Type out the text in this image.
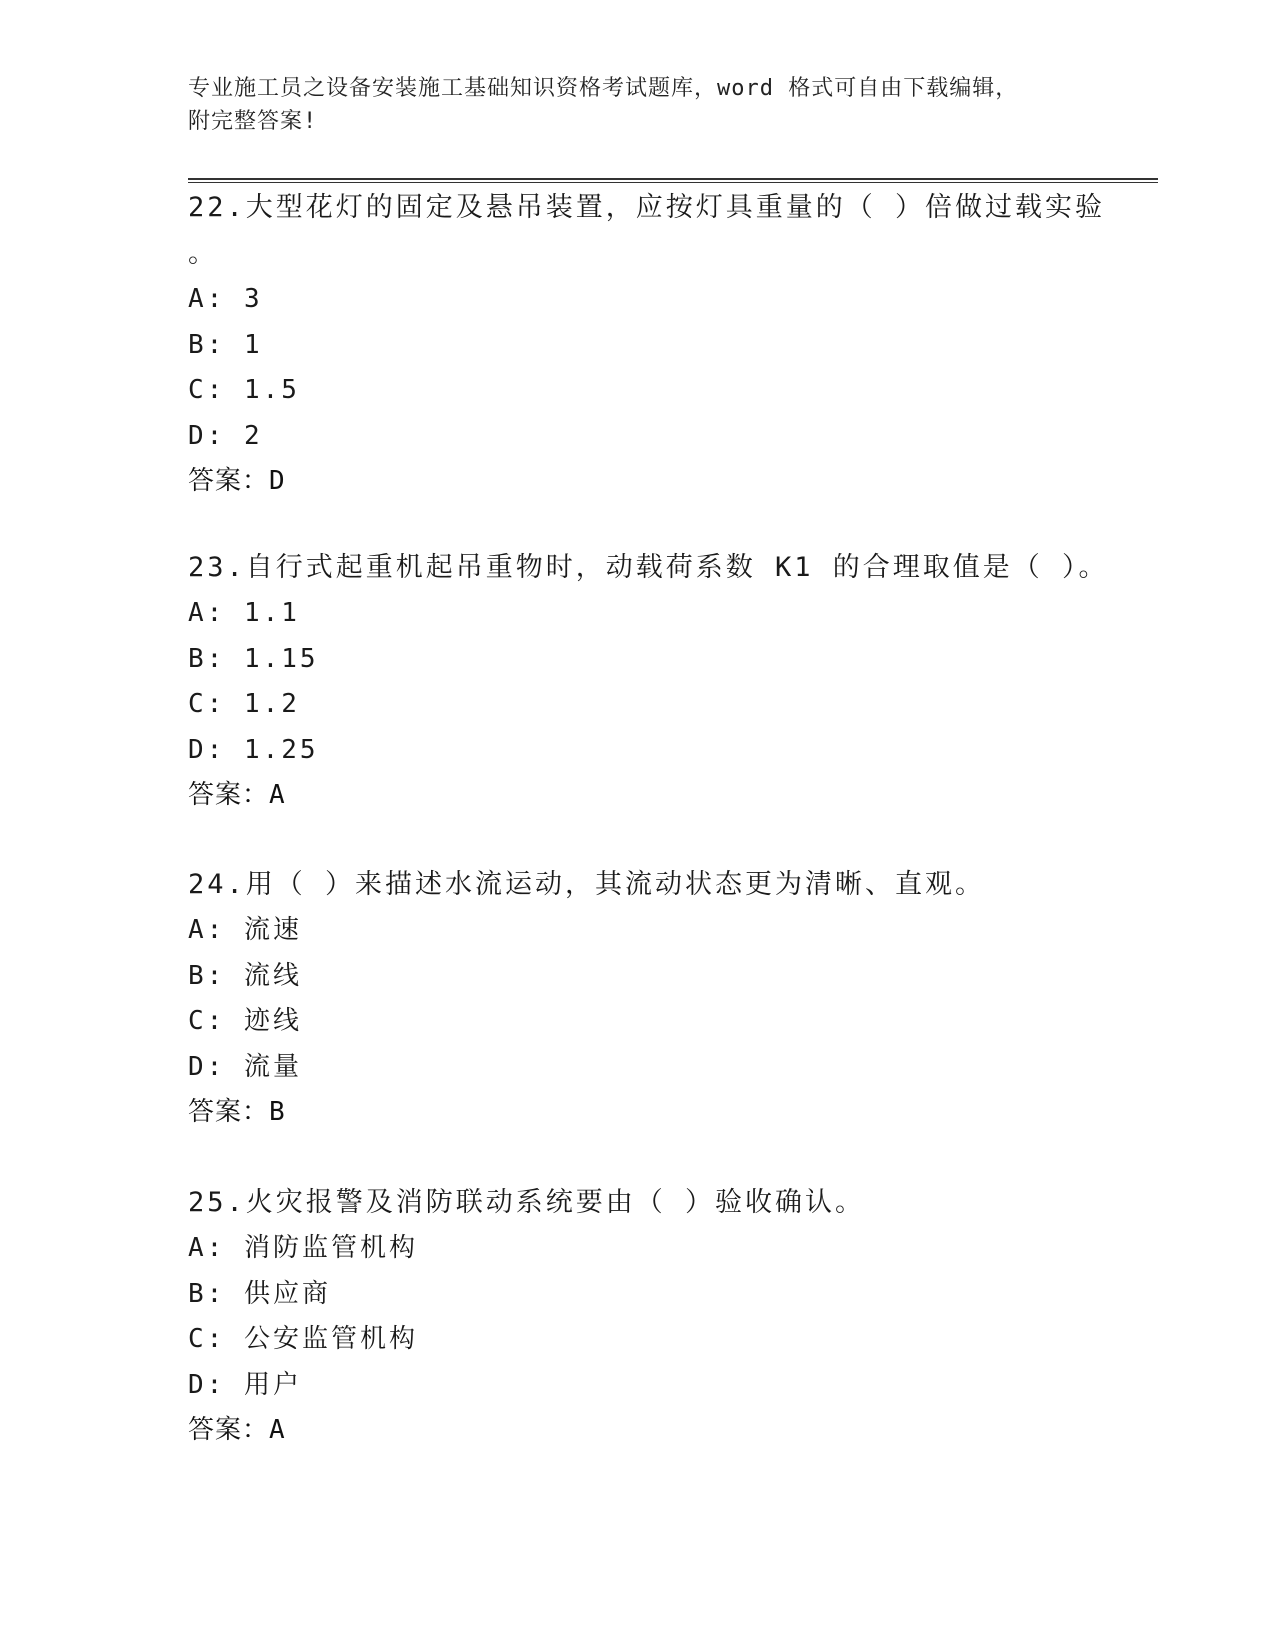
专业施工员之设备安装施工基础知识资格考试题库，word 格式可自由下载编辑，
附完整答案!
22.大型花灯的固定及悬吊装置，应按灯具重量的（ ）倍做过载实验
。
A: 3
B: 1
C: 1.5
D: 2
答案：D
23.自行式起重机起吊重物时，动载荷系数 K1 的合理取值是（ ）。
A: 1.1
B: 1.15
C: 1.2
D: 1.25
答案：A
24.用（ ）来描述水流运动，其流动状态更为清晰、直观。
A: 流速
B: 流线
C: 迹线
D: 流量
答案：B
25.火灾报警及消防联动系统要由（ ）验收确认。
A: 消防监管机构
B: 供应商
C: 公安监管机构
D: 用户
答案：A
